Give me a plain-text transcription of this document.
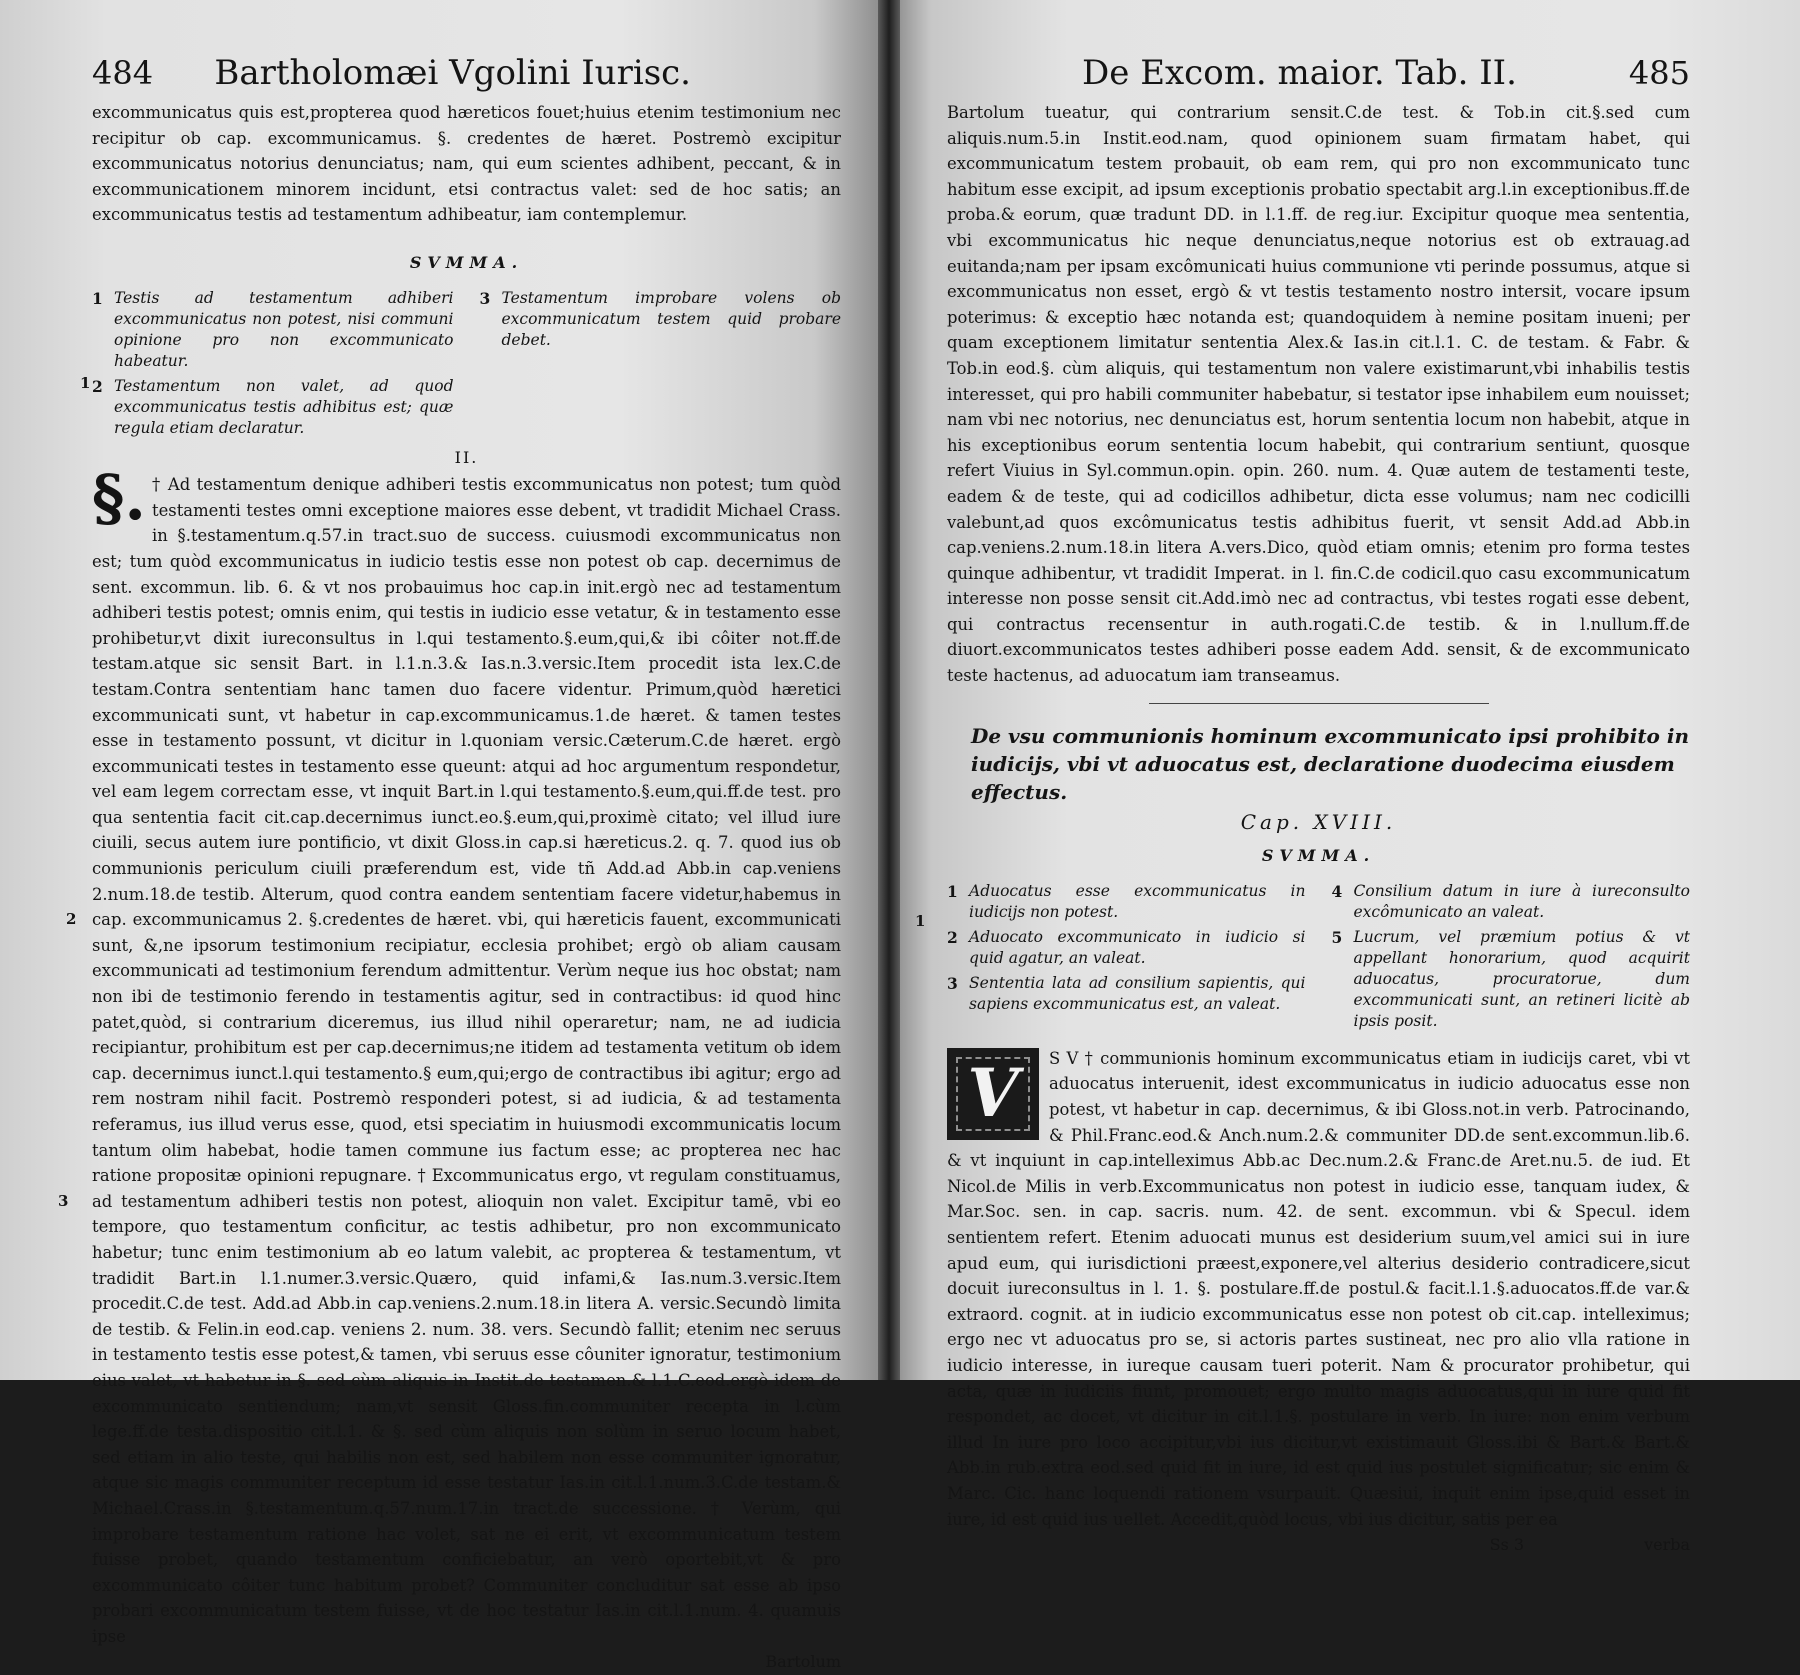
484 Bartholomæi Vgolini Iurisc.

excommunicatus quis est,propterea quod hæreticos fouet;huius etenim testimonium nec recipitur ob cap. excommunicamus. §. credentes de hæret. Postremò excipitur excommunicatus notorius denunciatus; nam, qui eum scientes adhibent, peccant, & in excommunicationem minorem incidunt, etsi contractus valet: sed de hoc satis; an excommunicatus testis ad testamentum adhibeatur, iam contemplemur.

SVMMA.
1 Testis ad testamentum adhiberi excommunicatus non potest, nisi communi opinione pro non excommunicato habeatur.
3 Testamentum improbare volens ob excommunicatum testem quid probare debet.
2 Testamentum non valet, ad quod excommunicatus testis adhibitus est; quæ regula etiam declaratur.
II.

§. † Ad testamentum denique adhiberi testis excommunicatus non potest; tum quòd testamenti testes omni exceptione maiores esse debent, vt tradidit Michael Crass. in §.testamentum.q.57.in tract.suo de success. cuiusmodi excommunicatus non est; tum quòd excommunicatus in iudicio testis esse non potest ob cap. decernimus de sent. excommun. lib. 6. & vt nos probauimus hoc cap.in init.ergò nec ad testamentum adhiberi testis potest; omnis enim, qui testis in iudicio esse vetatur, & in testamento esse prohibetur,vt dixit iureconsultus in l.qui testamento.§.eum,qui,& ibi côiter not.ff.de testam.atque sic sensit Bart. in l.1.n.3.& Ias.n.3.versic.Item procedit ista lex.C.de testam.Contra sententiam hanc tamen duo facere videntur. Primum,quòd hæretici excommunicati sunt, vt habetur in cap.excommunicamus.1.de hæret. & tamen testes esse in testamento possunt, vt dicitur in l.quoniam versic.Cæterum.C.de hæret. ergò excommunicati testes in testamento esse queunt: atqui ad hoc argumentum respondetur, vel eam legem correctam esse, vt inquit Bart.in l.qui testamento.§.eum,qui.ff.de test. pro qua sententia facit cit.cap.decernimus iunct.eo.§.eum,qui,proximè citato; vel illud iure ciuili, secus autem iure pontificio, vt dixit Gloss.in cap.si hæreticus.2. q. 7. quod ius ob communionis periculum ciuili præferendum est, vide tñ Add.ad Abb.in cap.veniens 2.num.18.de testib. Alterum, quod contra eandem sententiam facere videtur,habemus in cap. excommunicamus 2. §.credentes de hæret. vbi, qui hæreticis fauent, excommunicati sunt, &,ne ipsorum testimonium recipiatur, ecclesia prohibet; ergò ob aliam causam excommunicati ad testimonium ferendum admittentur. Verùm neque ius hoc obstat; nam non ibi de testimonio ferendo in testamentis agitur, sed in contractibus: id quod hinc patet,quòd, si contrarium diceremus, ius illud nihil operaretur; nam, ne ad iudicia recipiantur, prohibitum est per cap.decernimus;ne itidem ad testamenta vetitum ob idem cap. decernimus iunct.l.qui testamento.§ eum,qui;ergo de contractibus ibi agitur; ergo ad rem nostram nihil facit. Postremò responderi potest, si ad iudicia, & ad testamenta referamus, ius illud verus esse, quod, etsi speciatim in huiusmodi excommunicatis locum tantum olim habebat, hodie tamen commune ius factum esse; ac propterea nec hac ratione propositæ opinioni repugnare. † Excommunicatus ergo, vt regulam constituamus, ad testamentum adhiberi testis non potest, alioquin non valet. Excipitur tamē, vbi eo tempore, quo testamentum conficitur, ac testis adhibetur, pro non excommunicato habetur; tunc enim testimonium ab eo latum valebit, ac propterea & testamentum, vt tradidit Bart.in l.1.numer.3.versic.Quæro, quid infami,& Ias.num.3.versic.Item procedit.C.de test. Add.ad Abb.in cap.veniens.2.num.18.in litera A. versic.Secundò limita de testib. & Felin.in eod.cap. veniens 2. num. 38. vers. Secundò fallit; etenim nec seruus in testamento testis esse potest,& tamen, vbi seruus esse côuniter ignoratur, testimonium eius valet, vt habetur in §. sed cùm aliquis in Instit.de testamen.& l.1.C.eod.ergò idem de excommunicato sentiendum; nam,vt sensit Gloss.fin.communiter recepta in l.cùm lege.ff.de testa.dispositio cit.l.1. & §. sed cùm aliquis non solùm in seruo locum habet, sed etiam in alio teste, qui habilis non est, sed habilem non esse communiter ignoratur, atque sic magis communiter receptum id esse testatur Ias.in cit.l.1.num.3.C.de testam.& Michael.Crass.in §.testamentum.q.57.num.17.in tract.de successione. † Verùm, qui improbare testamentum ratione hac volet, sat ne ei erit, vt excommunicatum testem fuisse probet, quando testamentum conficiebatur, an verò oportebit,vt & pro excommunicato côiter tunc habitum probet? Communiter concluditur sat esse ab ipso probari excommunicatum testem fuisse, vt de hoc testatur Ias.in cit.l.1.num. 4. quamuis ipse

Bartolum
1
2
3
De Excom. maior. Tab. II.	485

Bartolum tueatur, qui contrarium sensit.C.de test. & Tob.in cit.§.sed cum aliquis.num.5.in Instit.eod.nam, quod opinionem suam firmatam habet, qui excommunicatum testem probauit, ob eam rem, qui pro non excommunicato tunc habitum esse excipit, ad ipsum exceptionis probatio spectabit arg.l.in exceptionibus.ff.de proba.& eorum, quæ tradunt DD. in l.1.ff. de reg.iur. Excipitur quoque mea sententia, vbi excommunicatus hic neque denunciatus,neque notorius est ob extrauag.ad euitanda;nam per ipsam excômunicati huius communione vti perinde possumus, atque si excommunicatus non esset, ergò & vt testis testamento nostro intersit, vocare ipsum poterimus: & exceptio hæc notanda est; quandoquidem à nemine positam inueni; per quam exceptionem limitatur sententia Alex.& Ias.in cit.l.1. C. de testam. & Fabr. & Tob.in eod.§. cùm aliquis, qui testamentum non valere existimarunt,vbi inhabilis testis interesset, qui pro habili communiter habebatur, si testator ipse inhabilem eum nouisset; nam vbi nec notorius, nec denunciatus est, horum sententia locum non habebit, atque in his exceptionibus eorum sententia locum habebit, qui contrarium sentiunt, quosque refert Viuius in Syl.commun.opin. opin. 260. num. 4. Quæ autem de testamenti teste, eadem & de teste, qui ad codicillos adhibetur, dicta esse volumus; nam nec codicilli valebunt,ad quos excômunicatus testis adhibitus fuerit, vt sensit Add.ad Abb.in cap.veniens.2.num.18.in litera A.vers.Dico, quòd etiam omnis; etenim pro forma testes quinque adhibentur, vt tradidit Imperat. in l. fin.C.de codicil.quo casu excommunicatum interesse non posse sensit cit.Add.imò nec ad contractus, vbi testes rogati esse debent, qui contractus recensentur in auth.rogati.C.de testib. & in l.nullum.ff.de diuort.excommunicatos testes adhiberi posse eadem Add. sensit, & de excommunicato teste hactenus, ad aduocatum iam transeamus.

De vsu communionis hominum excommunicato ipsi prohibito in iudicijs, vbi vt aduocatus est, declaratione duodecima eiusdem effectus.
Cap. XVIII.
SVMMA.
1 Aduocatus esse excommunicatus in iudicijs non potest.
2 Aduocato excommunicato in iudicio si quid agatur, an valeat.
3 Sententia lata ad consilium sapientis, qui sapiens excommunicatus est, an valeat.
4 Consilium datum in iure à iureconsulto excômunicato an valeat.
5 Lucrum, vel præmium potius & vt appellant honorarium, quod acquirit aduocatus, procuratorue, dum excommunicati sunt, an retineri licitè ab ipsis posit.

V S V † communionis hominum excommunicatus etiam in iudicijs caret, vbi vt aduocatus interuenit, idest excommunicatus in iudicio aduocatus esse non potest, vt habetur in cap. decernimus, & ibi Gloss.not.in verb. Patrocinando, & Phil.Franc.eod.& Anch.num.2.& communiter DD.de sent.excommun.lib.6. & vt inquiunt in cap.intelleximus Abb.ac Dec.num.2.& Franc.de Aret.nu.5. de iud. Et Nicol.de Milis in verb.Excommunicatus non potest in iudicio esse, tanquam iudex, & Mar.Soc. sen. in cap. sacris. num. 42. de sent. excommun. vbi & Specul. idem sentientem refert. Etenim aduocati munus est desiderium suum,vel amici sui in iure apud eum, qui iurisdictioni præest,exponere,vel alterius desiderio contradicere,sicut docuit iureconsultus in l. 1. §. postulare.ff.de postul.& facit.l.1.§.aduocatos.ff.de var.& extraord. cognit. at in iudicio excommunicatus esse non potest ob cit.cap. intelleximus; ergo nec vt aduocatus pro se, si actoris partes sustineat, nec pro alio vlla ratione in iudicio interesse, in iureque causam tueri poterit. Nam & procurator prohibetur, qui acta, quæ in iudiciis fiunt, promouet; ergo multo magis aduocatus,qui in iure quid fit respondet, ac docet, vt dicitur in cit.l.1.§. postulare in verb. In iure: non enim verbum illud In iure pro loco accipitur,vbi ius dicitur,vt existimauit Gloss.ibi & Bart.& Bart.& Abb.in rub.extra eod.sed quid fit in iure, id est quid ius postulet significatur; sic enim & Marc. Cic. hanc loquendi rationem vsurpauit. Quæsiui, inquit enim ipse,quid esset in iure, id est quid ius uellet. Accedit,quòd locus, vbi ius dicitur, satis per ea

Ss 3	verba
1
